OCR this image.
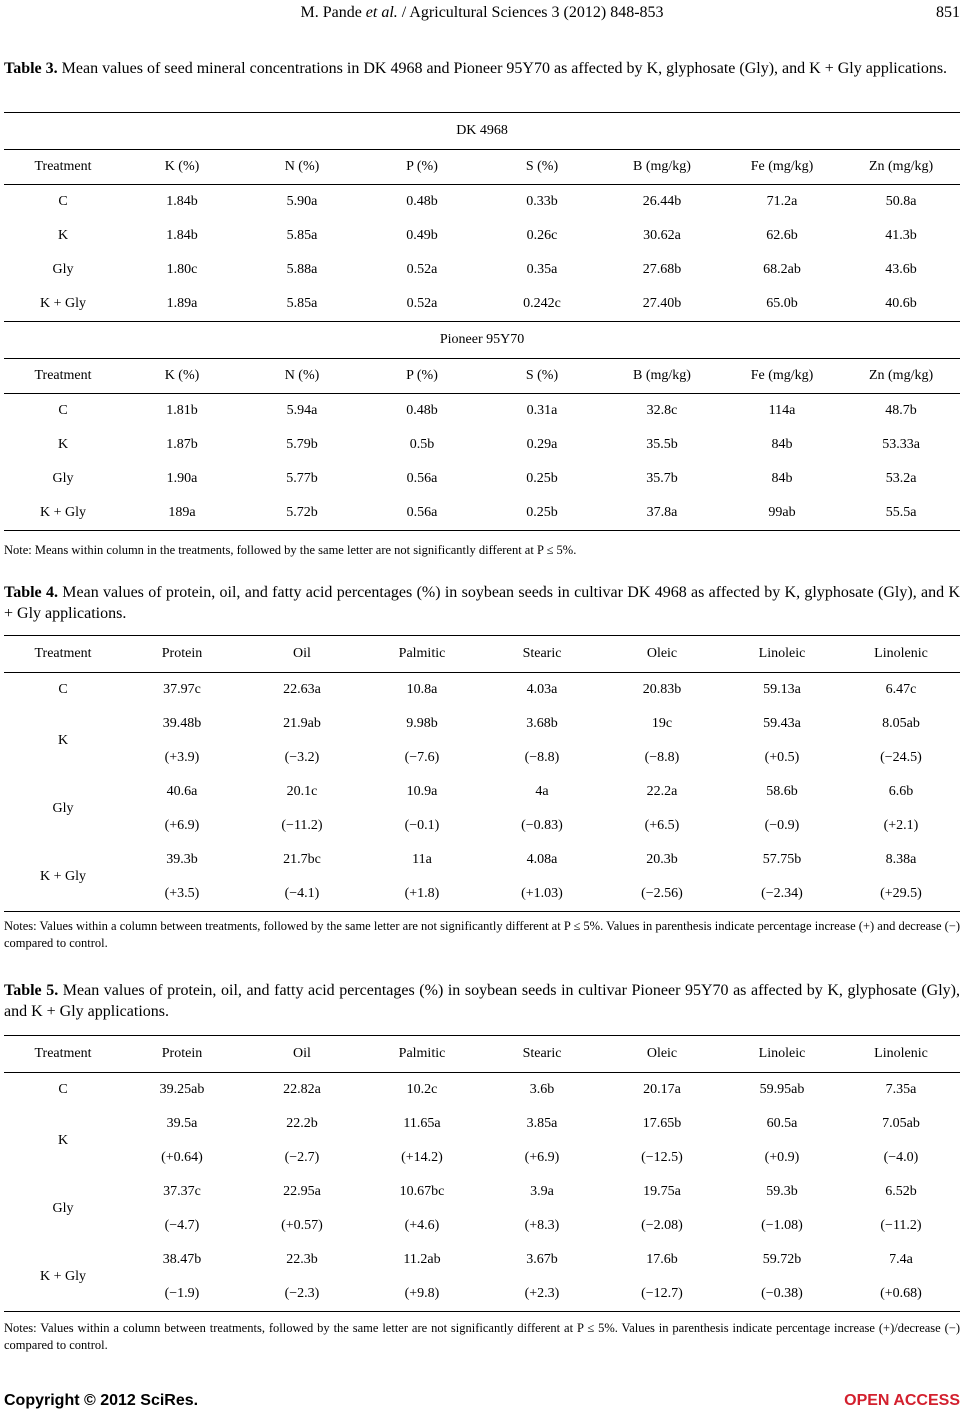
M. Pande et al. / Agricultural Sciences 3 (2012) 848-853	851
Table 3. Mean values of seed mineral concentrations in DK 4968 and Pioneer 95Y70 as affected by K, glyphosate (Gly), and K + Gly applications.
DK 4968							
Treatment	K (%)	N (%)	P (%)	S (%)	B (mg/kg)	Fe (mg/kg)	Zn (mg/kg)
C	1.84b	5.90a	0.48b	0.33b	26.44b	71.2a	50.8a
K	1.84b	5.85a	0.49b	0.26c	30.62a	62.6b	41.3b
Gly	1.80c	5.88a	0.52a	0.35a	27.68b	68.2ab	43.6b
K + Gly	1.89a	5.85a	0.52a	0.242c	27.40b	65.0b	40.6b
Pioneer 95Y70							
Treatment	K (%)	N (%)	P (%)	S (%)	B (mg/kg)	Fe (mg/kg)	Zn (mg/kg)
C	1.81b	5.94a	0.48b	0.31a	32.8c	114a	48.7b
K	1.87b	5.79b	0.5b	0.29a	35.5b	84b	53.33a
Gly	1.90a	5.77b	0.56a	0.25b	35.7b	84b	53.2a
K + Gly	189a	5.72b	0.56a	0.25b	37.8a	99ab	55.5a
Note: Means within column in the treatments, followed by the same letter are not significantly different at P ≤ 5%.
Table 4. Mean values of protein, oil, and fatty acid percentages (%) in soybean seeds in cultivar DK 4968 as affected by K, glyphosate (Gly), and K + Gly applications.
Treatment	Protein	Oil	Palmitic	Stearic	Oleic	Linoleic	Linolenic
C	37.97c	22.63a	10.8a	4.03a	20.83b	59.13a	6.47c
K	39.48b	21.9ab	9.98b	3.68b	19c	59.43a	8.05ab
	(+3.9)	(−3.2)	(−7.6)	(−8.8)	(−8.8)	(+0.5)	(−24.5)
Gly	40.6a	20.1c	10.9a	4a	22.2a	58.6b	6.6b
	(+6.9)	(−11.2)	(−0.1)	(−0.83)	(+6.5)	(−0.9)	(+2.1)
K + Gly	39.3b	21.7bc	11a	4.08a	20.3b	57.75b	8.38a
	(+3.5)	(−4.1)	(+1.8)	(+1.03)	(−2.56)	(−2.34)	(+29.5)
Notes: Values within a column between treatments, followed by the same letter are not significantly different at P ≤ 5%. Values in parenthesis indicate percentage increase (+) and decrease (−) compared to control.
Table 5. Mean values of protein, oil, and fatty acid percentages (%) in soybean seeds in cultivar Pioneer 95Y70 as affected by K, glyphosate (Gly), and K + Gly applications.
Treatment	Protein	Oil	Palmitic	Stearic	Oleic	Linoleic	Linolenic
C	39.25ab	22.82a	10.2c	3.6b	20.17a	59.95ab	7.35a
K	39.5a	22.2b	11.65a	3.85a	17.65b	60.5a	7.05ab
	(+0.64)	(−2.7)	(+14.2)	(+6.9)	(−12.5)	(+0.9)	(−4.0)
Gly	37.37c	22.95a	10.67bc	3.9a	19.75a	59.3b	6.52b
	(−4.7)	(+0.57)	(+4.6)	(+8.3)	(−2.08)	(−1.08)	(−11.2)
K + Gly	38.47b	22.3b	11.2ab	3.67b	17.6b	59.72b	7.4a
	(−1.9)	(−2.3)	(+9.8)	(+2.3)	(−12.7)	(−0.38)	(+0.68)
Notes: Values within a column between treatments, followed by the same letter are not significantly different at P ≤ 5%. Values in parenthesis indicate percentage increase (+)/decrease (−) compared to control.
Copyright © 2012 SciRes.	OPEN ACCESS
